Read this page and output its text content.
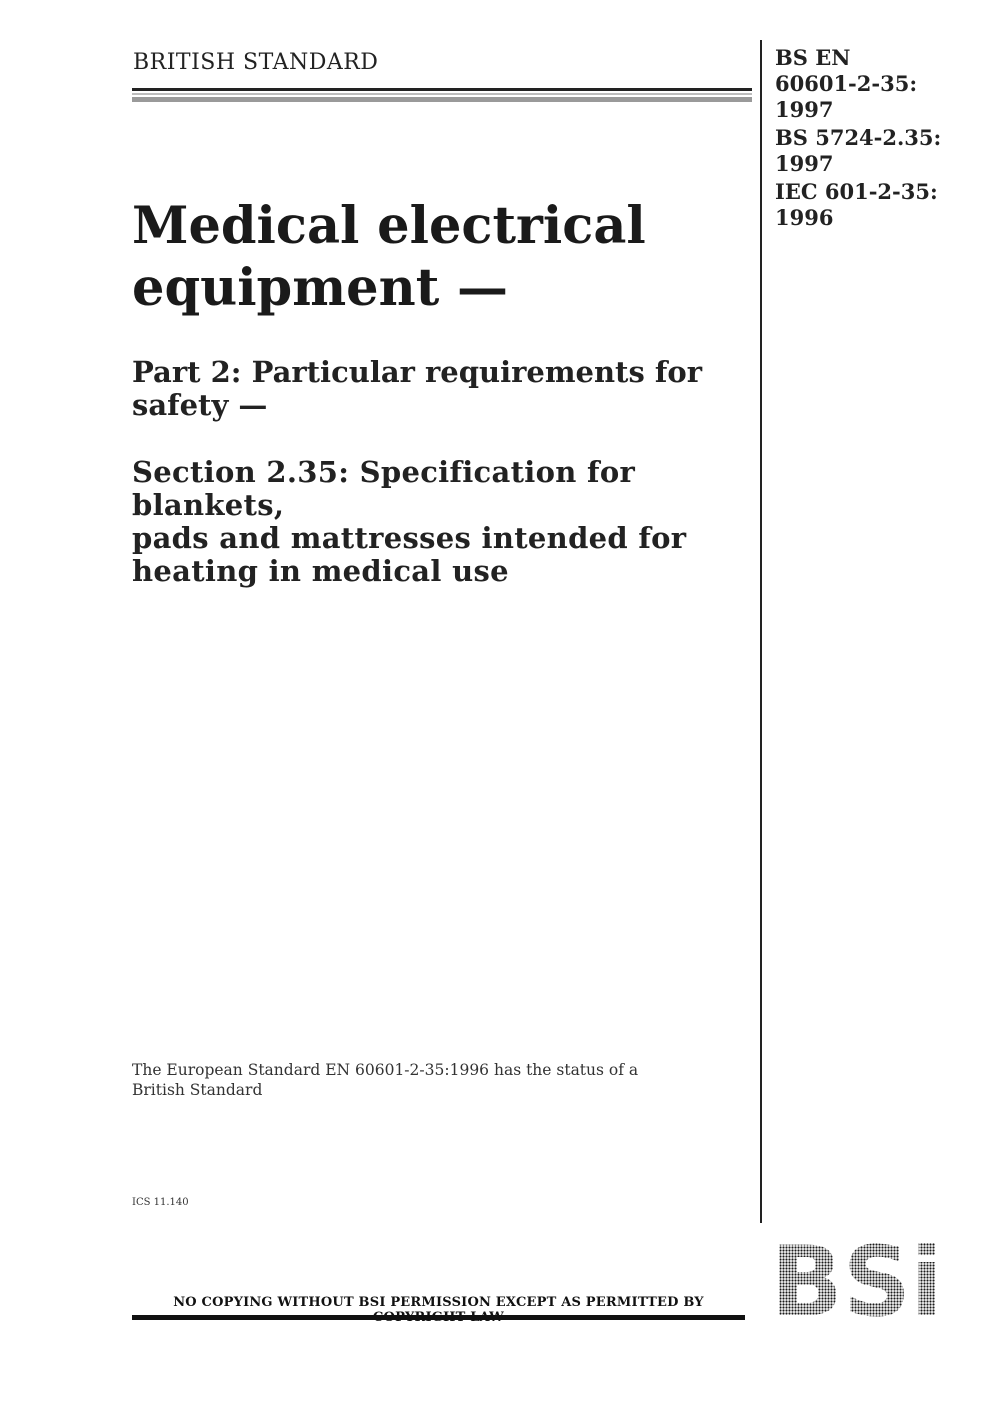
BRITISH STANDARD	BS EN
60601-2-35:
1997
BS 5724-2.35:
1997
IEC 601-2-35:
1996
Medical electrical
equipment —
Part 2: Particular requirements for
safety —
Section 2.35: Specification for blankets,
pads and mattresses intended for
heating in medical use
The European Standard EN 60601-2-35:1996 has the status of a
British Standard
ICS 11.140
NO COPYING WITHOUT BSI PERMISSION EXCEPT AS PERMITTED BY BSi
